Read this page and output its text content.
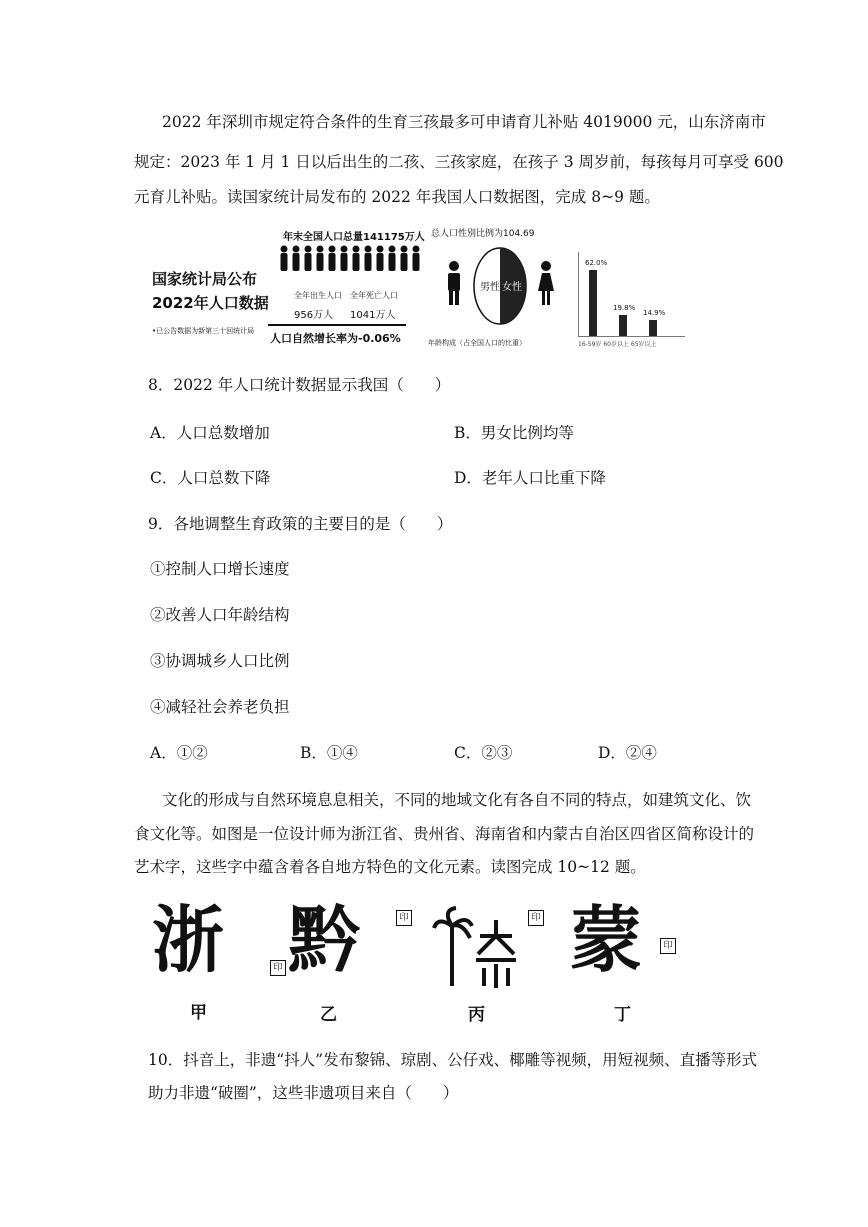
2022 年深圳市规定符合条件的生育三孩最多可申请育儿补贴 4019000 元，山东济南市
规定：2023 年 1 月 1 日以后出生的二孩、三孩家庭，在孩子 3 周岁前，每孩每月可享受 600
元育儿补贴。读国家统计局发布的 2022 年我国人口数据图，完成 8~9 题。
国家统计局公布
2022年人口数据
•已公告数据为新第三十回统计局
年末全国人口总量141175万人
全年出生人口
956万人
全年死亡人口
1041万人
人口自然增长率为-0.06%
总人口性别比例为104.69
男性 女性
年龄构成（占全国人口的比重）
62.0%
19.8%
14.9%
16-59岁 60岁以上 65岁以上
8．2022 年人口统计数据显示我国（　　）
A．人口总数增加	B．男女比例均等
C．人口总数下降	D．老年人口比重下降
9．各地调整生育政策的主要目的是（　　）
①控制人口增长速度
②改善人口年龄结构
③协调城乡人口比例
④减轻社会养老负担
A．①②	B．①④	C．②③	D．②④
文化的形成与自然环境息息相关，不同的地域文化有各自不同的特点，如建筑文化、饮
食文化等。如图是一位设计师为浙江省、贵州省、海南省和内蒙古自治区四省区简称设计的
艺术字，这些字中蕴含着各自地方特色的文化元素。读图完成 10~12 题。
浙	印 黔	印	印 蒙	印
甲	乙	丙	丁
10．抖音上，非遗“抖人”发布黎锦、琼剧、公仔戏、椰雕等视频，用短视频、直播等形式
助力非遗“破圈”，这些非遗项目来自（　　）
